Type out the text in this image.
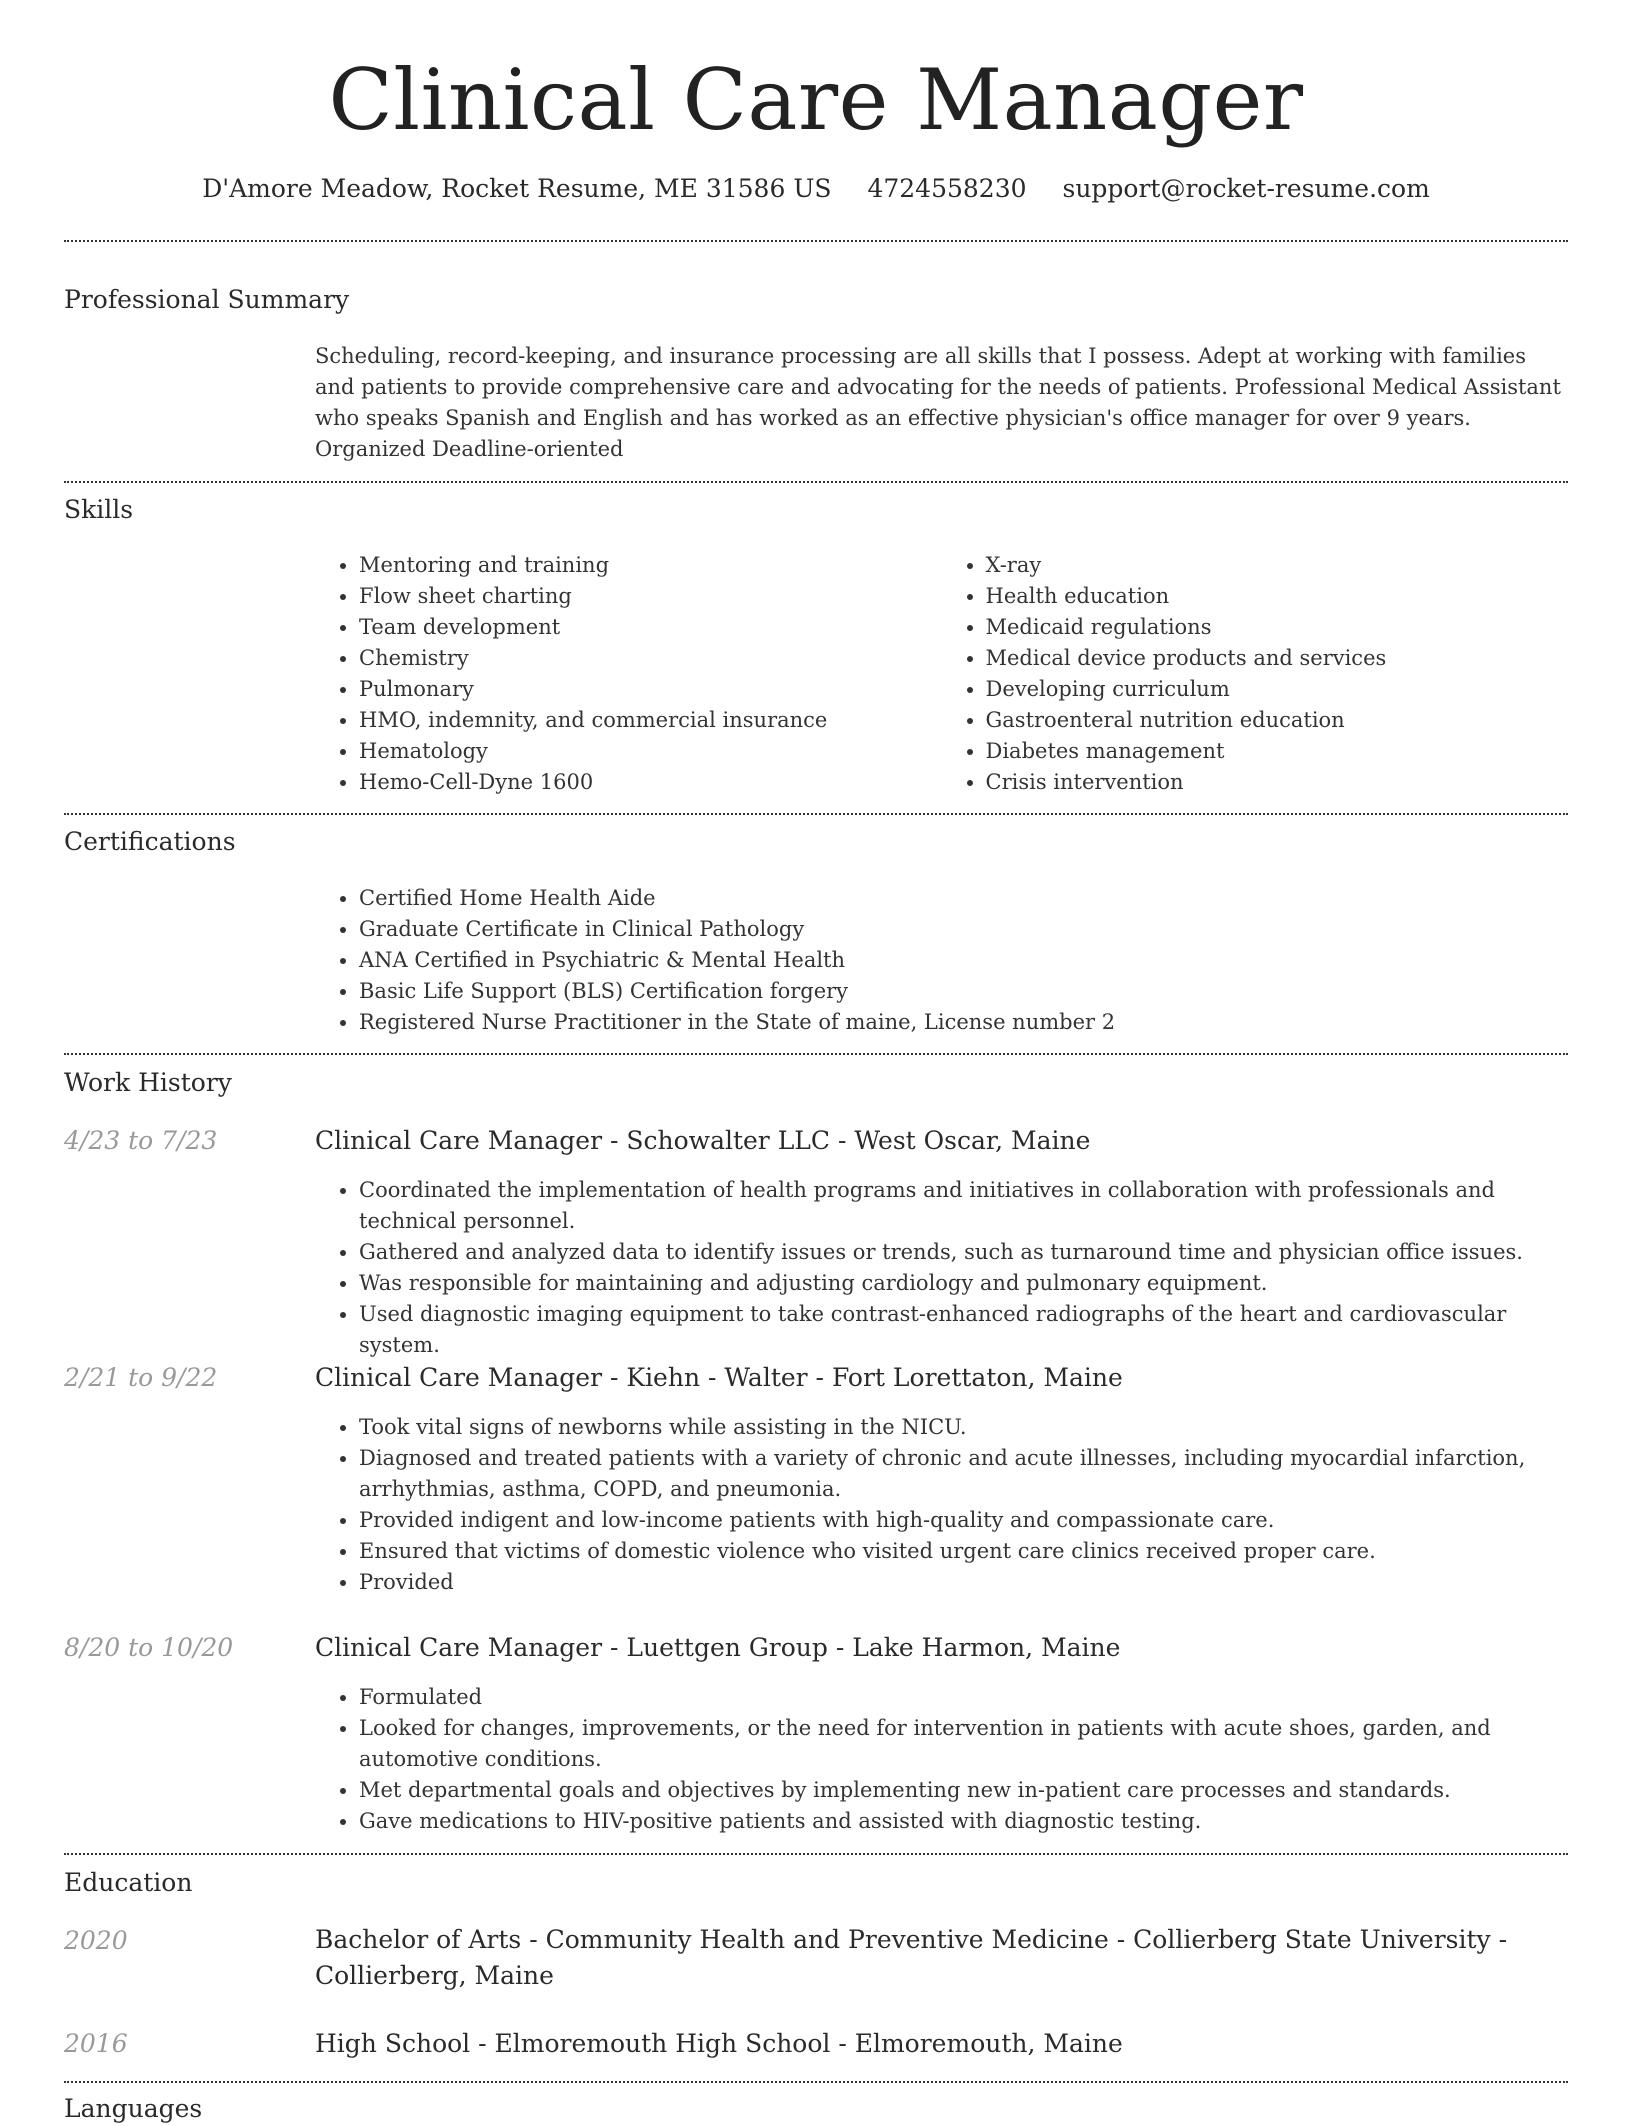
Clinical Care Manager
D'Amore Meadow, Rocket Resume, ME 31586 US 4724558230 support@rocket-resume.com
Professional Summary

Scheduling, record-keeping, and insurance processing are all skills that I possess. Adept at working with families and patients to provide comprehensive care and advocating for the needs of patients. Professional Medical Assistant who speaks Spanish and English and has worked as an effective physician's office manager for over 9 years. Organized Deadline-oriented

Skills
• Mentoring and training
• Flow sheet charting
• Team development
• Chemistry
• Pulmonary
• HMO, indemnity, and commercial insurance
• Hematology
• Hemo-Cell-Dyne 1600
• X-ray
• Health education
• Medicaid regulations
• Medical device products and services
• Developing curriculum
• Gastroenteral nutrition education
• Diabetes management
• Crisis intervention
Certifications
• Certified Home Health Aide
• Graduate Certificate in Clinical Pathology
• ANA Certified in Psychiatric & Mental Health
• Basic Life Support (BLS) Certification forgery
• Registered Nurse Practitioner in the State of maine, License number 2
Work History
4/23 to 7/23	Clinical Care Manager - Schowalter LLC - West Oscar, Maine
• Coordinated the implementation of health programs and initiatives in collaboration with professionals and technical personnel.
• Gathered and analyzed data to identify issues or trends, such as turnaround time and physician office issues.
• Was responsible for maintaining and adjusting cardiology and pulmonary equipment.
• Used diagnostic imaging equipment to take contrast-enhanced radiographs of the heart and cardiovascular system.
2/21 to 9/22	Clinical Care Manager - Kiehn - Walter - Fort Lorettaton, Maine
• Took vital signs of newborns while assisting in the NICU.
• Diagnosed and treated patients with a variety of chronic and acute illnesses, including myocardial infarction, arrhythmias, asthma, COPD, and pneumonia.
• Provided indigent and low-income patients with high-quality and compassionate care.
• Ensured that victims of domestic violence who visited urgent care clinics received proper care.
• Provided
8/20 to 10/20	Clinical Care Manager - Luettgen Group - Lake Harmon, Maine
• Formulated
• Looked for changes, improvements, or the need for intervention in patients with acute shoes, garden, and automotive conditions.
• Met departmental goals and objectives by implementing new in-patient care processes and standards.
• Gave medications to HIV-positive patients and assisted with diagnostic testing.
Education
2020	Bachelor of Arts - Community Health and Preventive Medicine - Collierberg State University - Collierberg, Maine
2016	High School - Elmoremouth High School - Elmoremouth, Maine
Languages
